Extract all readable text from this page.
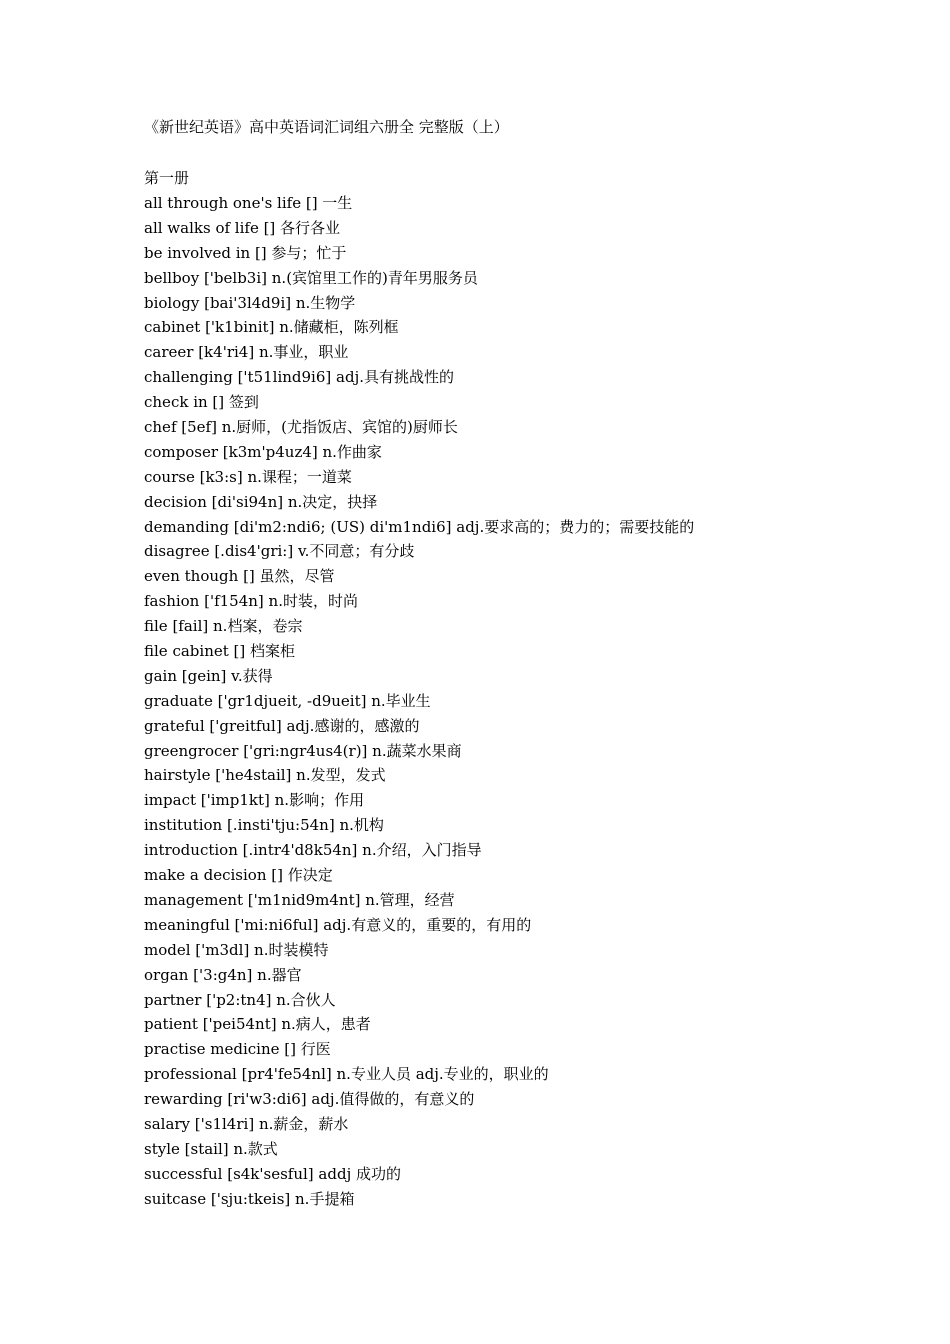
《新世纪英语》高中英语词汇词组六册全 完整版（上）
第一册
all through one's life [] 一生
all walks of life [] 各行各业
be involved in [] 参与；忙于
bellboy ['belb3i] n.(宾馆里工作的)青年男服务员
biology [bai'3l4d9i] n.生物学
cabinet ['k1binit] n.储藏柜，陈列框
career [k4'ri4] n.事业，职业
challenging ['t51lind9i6] adj.具有挑战性的
check in [] 签到
chef [5ef] n.厨师，(尤指饭店、宾馆的)厨师长
composer [k3m'p4uz4] n.作曲家
course [k3:s] n.课程；一道菜
decision [di'si94n] n.决定，抉择
demanding [di'm2:ndi6; (US) di'm1ndi6] adj.要求高的；费力的；需要技能的
disagree [.dis4'gri:] v.不同意；有分歧
even though [] 虽然，尽管
fashion ['f154n] n.时装，时尚
file [fail] n.档案，卷宗
file cabinet [] 档案柜
gain [gein] v.获得
graduate ['gr1djueit, -d9ueit] n.毕业生
grateful ['greitful] adj.感谢的，感激的
greengrocer ['gri:ngr4us4(r)] n.蔬菜水果商
hairstyle ['he4stail] n.发型，发式
impact ['imp1kt] n.影响；作用
institution [.insti'tju:54n] n.机构
introduction [.intr4'd8k54n] n.介绍，入门指导
make a decision [] 作决定
management ['m1nid9m4nt] n.管理，经营
meaningful ['mi:ni6ful] adj.有意义的，重要的，有用的
model ['m3dl] n.时装模特
organ ['3:g4n] n.器官
partner ['p2:tn4] n.合伙人
patient ['pei54nt] n.病人，患者
practise medicine [] 行医
professional [pr4'fe54nl] n.专业人员 adj.专业的，职业的
rewarding [ri'w3:di6] adj.值得做的，有意义的
salary ['s1l4ri] n.薪金，薪水
style [stail] n.款式
successful [s4k'sesful] addj 成功的
suitcase ['sju:tkeis] n.手提箱
